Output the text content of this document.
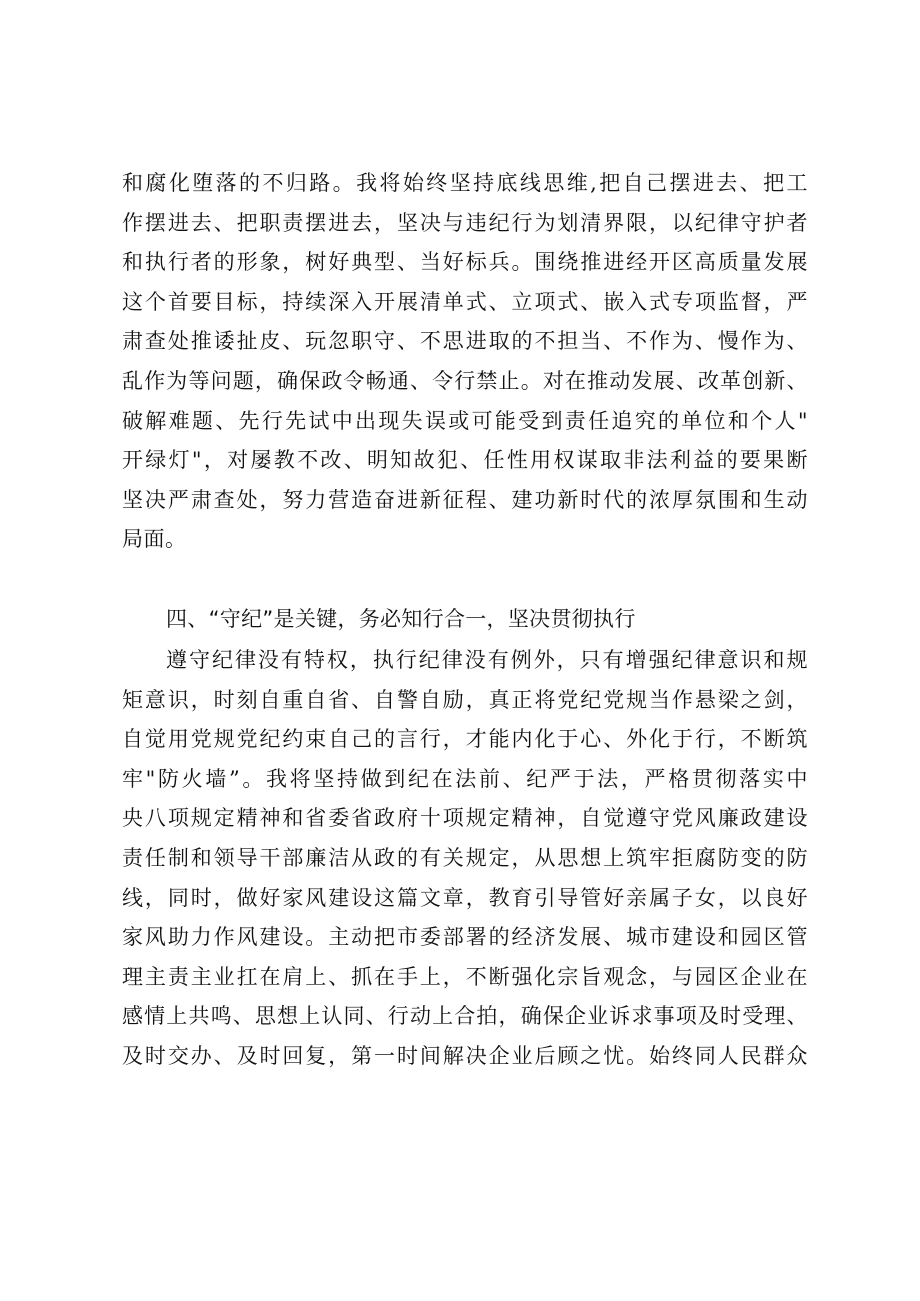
和腐化堕落的不归路。我将始终坚持底线思维,把自己摆进去、把工
作摆进去、把职责摆进去，坚决与违纪行为划清界限，以纪律守护者
和执行者的形象，树好典型、当好标兵。围绕推进经开区高质量发展
这个首要目标，持续深入开展清单式、立项式、嵌入式专项监督，严
肃查处推诿扯皮、玩忽职守、不思进取的不担当、不作为、慢作为、
乱作为等问题，确保政令畅通、令行禁止。对在推动发展、改革创新、
破解难题、先行先试中出现失误或可能受到责任追究的单位和个人"
开绿灯"，对屡教不改、明知故犯、任性用权谋取非法利益的要果断
坚决严肃查处，努力营造奋进新征程、建功新时代的浓厚氛围和生动
局面。
四、“守纪”是关键，务必知行合一，坚决贯彻执行
遵守纪律没有特权，执行纪律没有例外，只有增强纪律意识和规
矩意识，时刻自重自省、自警自励，真正将党纪党规当作悬梁之剑，
自觉用党规党纪约束自己的言行，才能内化于心、外化于行，不断筑
牢"防火墙”。我将坚持做到纪在法前、纪严于法，严格贯彻落实中
央八项规定精神和省委省政府十项规定精神，自觉遵守党风廉政建设
责任制和领导干部廉洁从政的有关规定，从思想上筑牢拒腐防变的防
线，同时，做好家风建设这篇文章，教育引导管好亲属子女，以良好
家风助力作风建设。主动把市委部署的经济发展、城市建设和园区管
理主责主业扛在肩上、抓在手上，不断强化宗旨观念，与园区企业在
感情上共鸣、思想上认同、行动上合拍，确保企业诉求事项及时受理、
及时交办、及时回复，第一时间解决企业后顾之忧。始终同人民群众
